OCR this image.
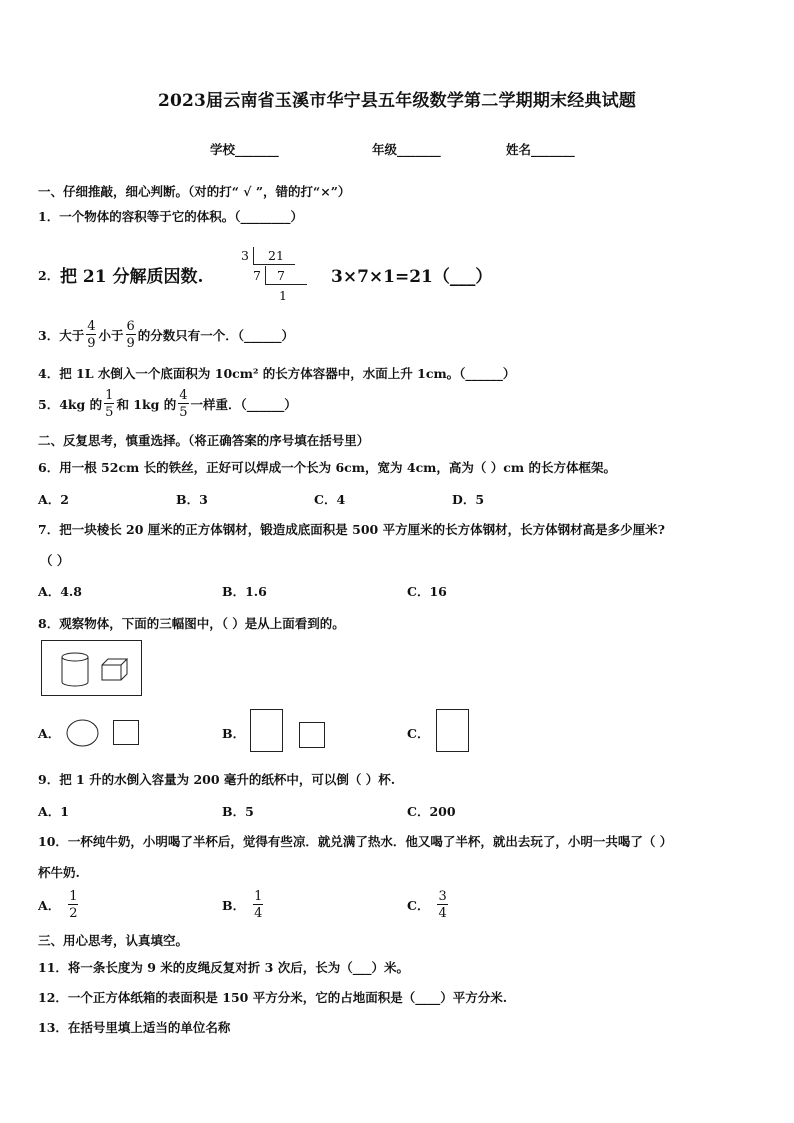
2023届云南省玉溪市华宁县五年级数学第二学期期末经典试题
学校_______	年级_______	姓名_______
一、仔细推敲，细心判断。（对的打“ √ ”，错的打“×”）
1．一个物体的容积等于它的体积。（________）
2． 把 21 分解质因数.
3 21
7 7
1
3×7×1=21（___）
3．大于 $\frac{4}{9}$ 小于 $\frac{6}{9}$ 的分数只有一个．（______）
4．把 1L 水倒入一个底面积为 10cm² 的长方体容器中，水面上升 1cm。（______）
5．4kg 的 $\frac{1}{5}$ 和 1kg 的 $\frac{4}{5}$ 一样重．（______）
二、反复思考，慎重选择。（将正确答案的序号填在括号里）
6．用一根 52cm 长的铁丝，正好可以焊成一个长为 6cm，宽为 4cm，高为（ ）cm 的长方体框架。
A．2	B．3	C．4	D．5
7．把一块棱长 20 厘米的正方体钢材，锻造成底面积是 500 平方厘米的长方体钢材，长方体钢材高是多少厘米?
（ ）
A．4.8	B．1.6	C．16
8．观察物体，下面的三幅图中，（ ）是从上面看到的。
A．	B．	C．
9．把 1 升的水倒入容量为 200 毫升的纸杯中，可以倒（ ）杯.
A．1	B．5	C．200
10．一杯纯牛奶，小明喝了半杯后，觉得有些凉．就兑满了热水．他又喝了半杯，就出去玩了，小明一共喝了（ ）
杯牛奶.
A． $\frac{1}{2}$	B． $\frac{1}{4}$	C． $\frac{3}{4}$
三、用心思考，认真填空。
11．将一条长度为 9 米的皮绳反复对折 3 次后，长为（___）米。
12．一个正方体纸箱的表面积是 150 平方分米，它的占地面积是（____）平方分米.
13．在括号里填上适当的单位名称
